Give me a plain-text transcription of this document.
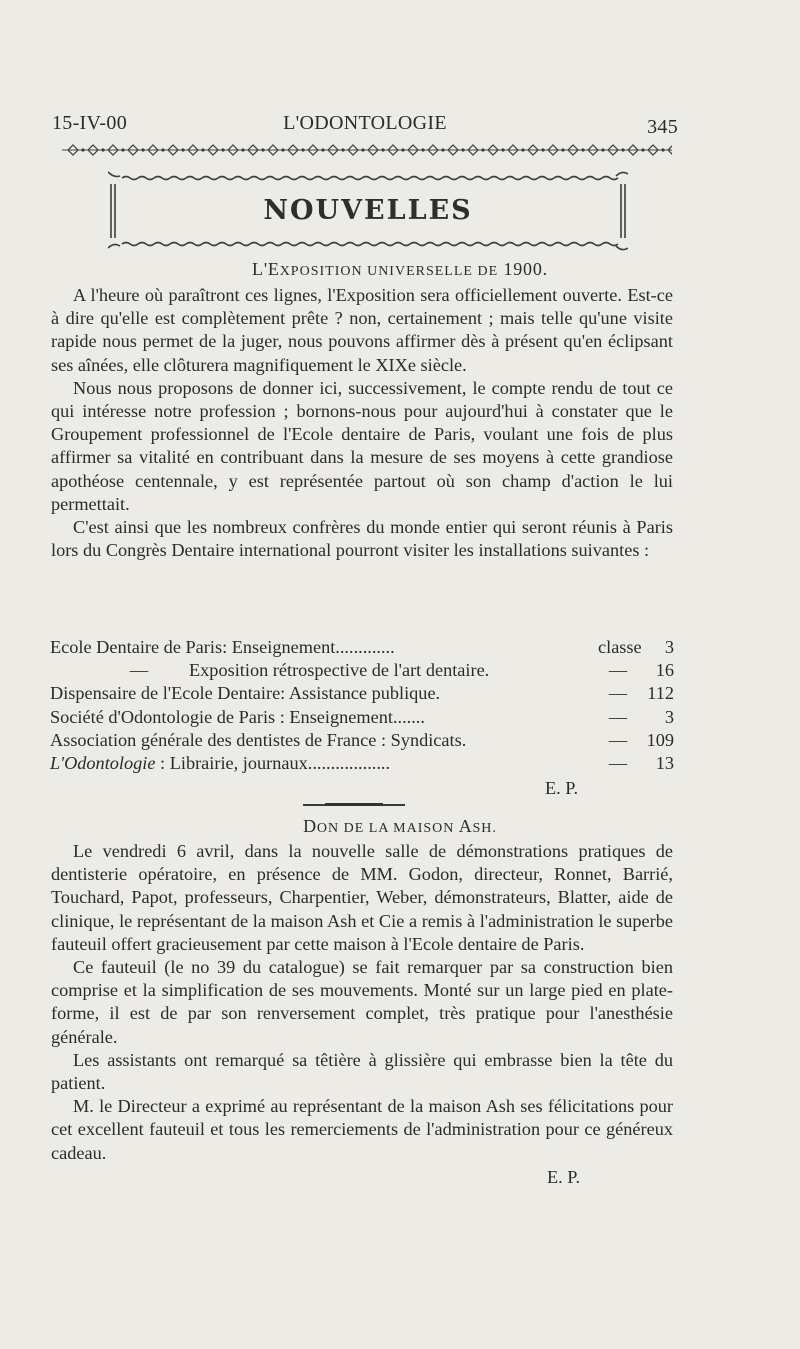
15-IV-00	L'ODONTOLOGIE	345
NOUVELLES
L'EXPOSITION UNIVERSELLE DE 1900.

A l'heure où paraîtront ces lignes, l'Exposition sera officiellement ouverte. Est-ce à dire qu'elle est complètement prête ? non, certainement ; mais telle qu'une visite rapide nous permet de la juger, nous pouvons affirmer dès à présent qu'en éclipsant ses aînées, elle clôturera magnifiquement le XIXe siècle.

Nous nous proposons de donner ici, successivement, le compte rendu de tout ce qui intéresse notre profession ; bornons-nous pour aujourd'hui à constater que le Groupement professionnel de l'Ecole dentaire de Paris, voulant une fois de plus affirmer sa vitalité en contribuant dans la mesure de ses moyens à cette grandiose apothéose centennale, y est représentée partout où son champ d'action le lui permettait.

C'est ainsi que les nombreux confrères du monde entier qui seront réunis à Paris lors du Congrès Dentaire international pourront visiter les installations suivantes :

Ecole Dentaire de Paris: Enseignement.............	classe 3
—	Exposition rétrospective de l'art dentaire.	—	16
Dispensaire de l'Ecole Dentaire: Assistance publique.	—	112
Société d'Odontologie de Paris : Enseignement.......	—	3
Association générale des dentistes de France : Syndicats.	—	109
L'Odontologie : Librairie, journaux..................	—	13
E. P.
DON DE LA MAISON ASH.

Le vendredi 6 avril, dans la nouvelle salle de démonstrations pratiques de dentisterie opératoire, en présence de MM. Godon, directeur, Ronnet, Barrié, Touchard, Papot, professeurs, Charpentier, Weber, démonstrateurs, Blatter, aide de clinique, le représentant de la maison Ash et Cie a remis à l'administration le superbe fauteuil offert gracieusement par cette maison à l'Ecole dentaire de Paris.

Ce fauteuil (le no 39 du catalogue) se fait remarquer par sa construction bien comprise et la simplification de ses mouvements. Monté sur un large pied en plate-forme, il est de par son renversement complet, très pratique pour l'anesthésie générale.

Les assistants ont remarqué sa têtière à glissière qui embrasse bien la tête du patient.

M. le Directeur a exprimé au représentant de la maison Ash ses félicitations pour cet excellent fauteuil et tous les remerciements de l'administration pour ce généreux cadeau.

E. P.
